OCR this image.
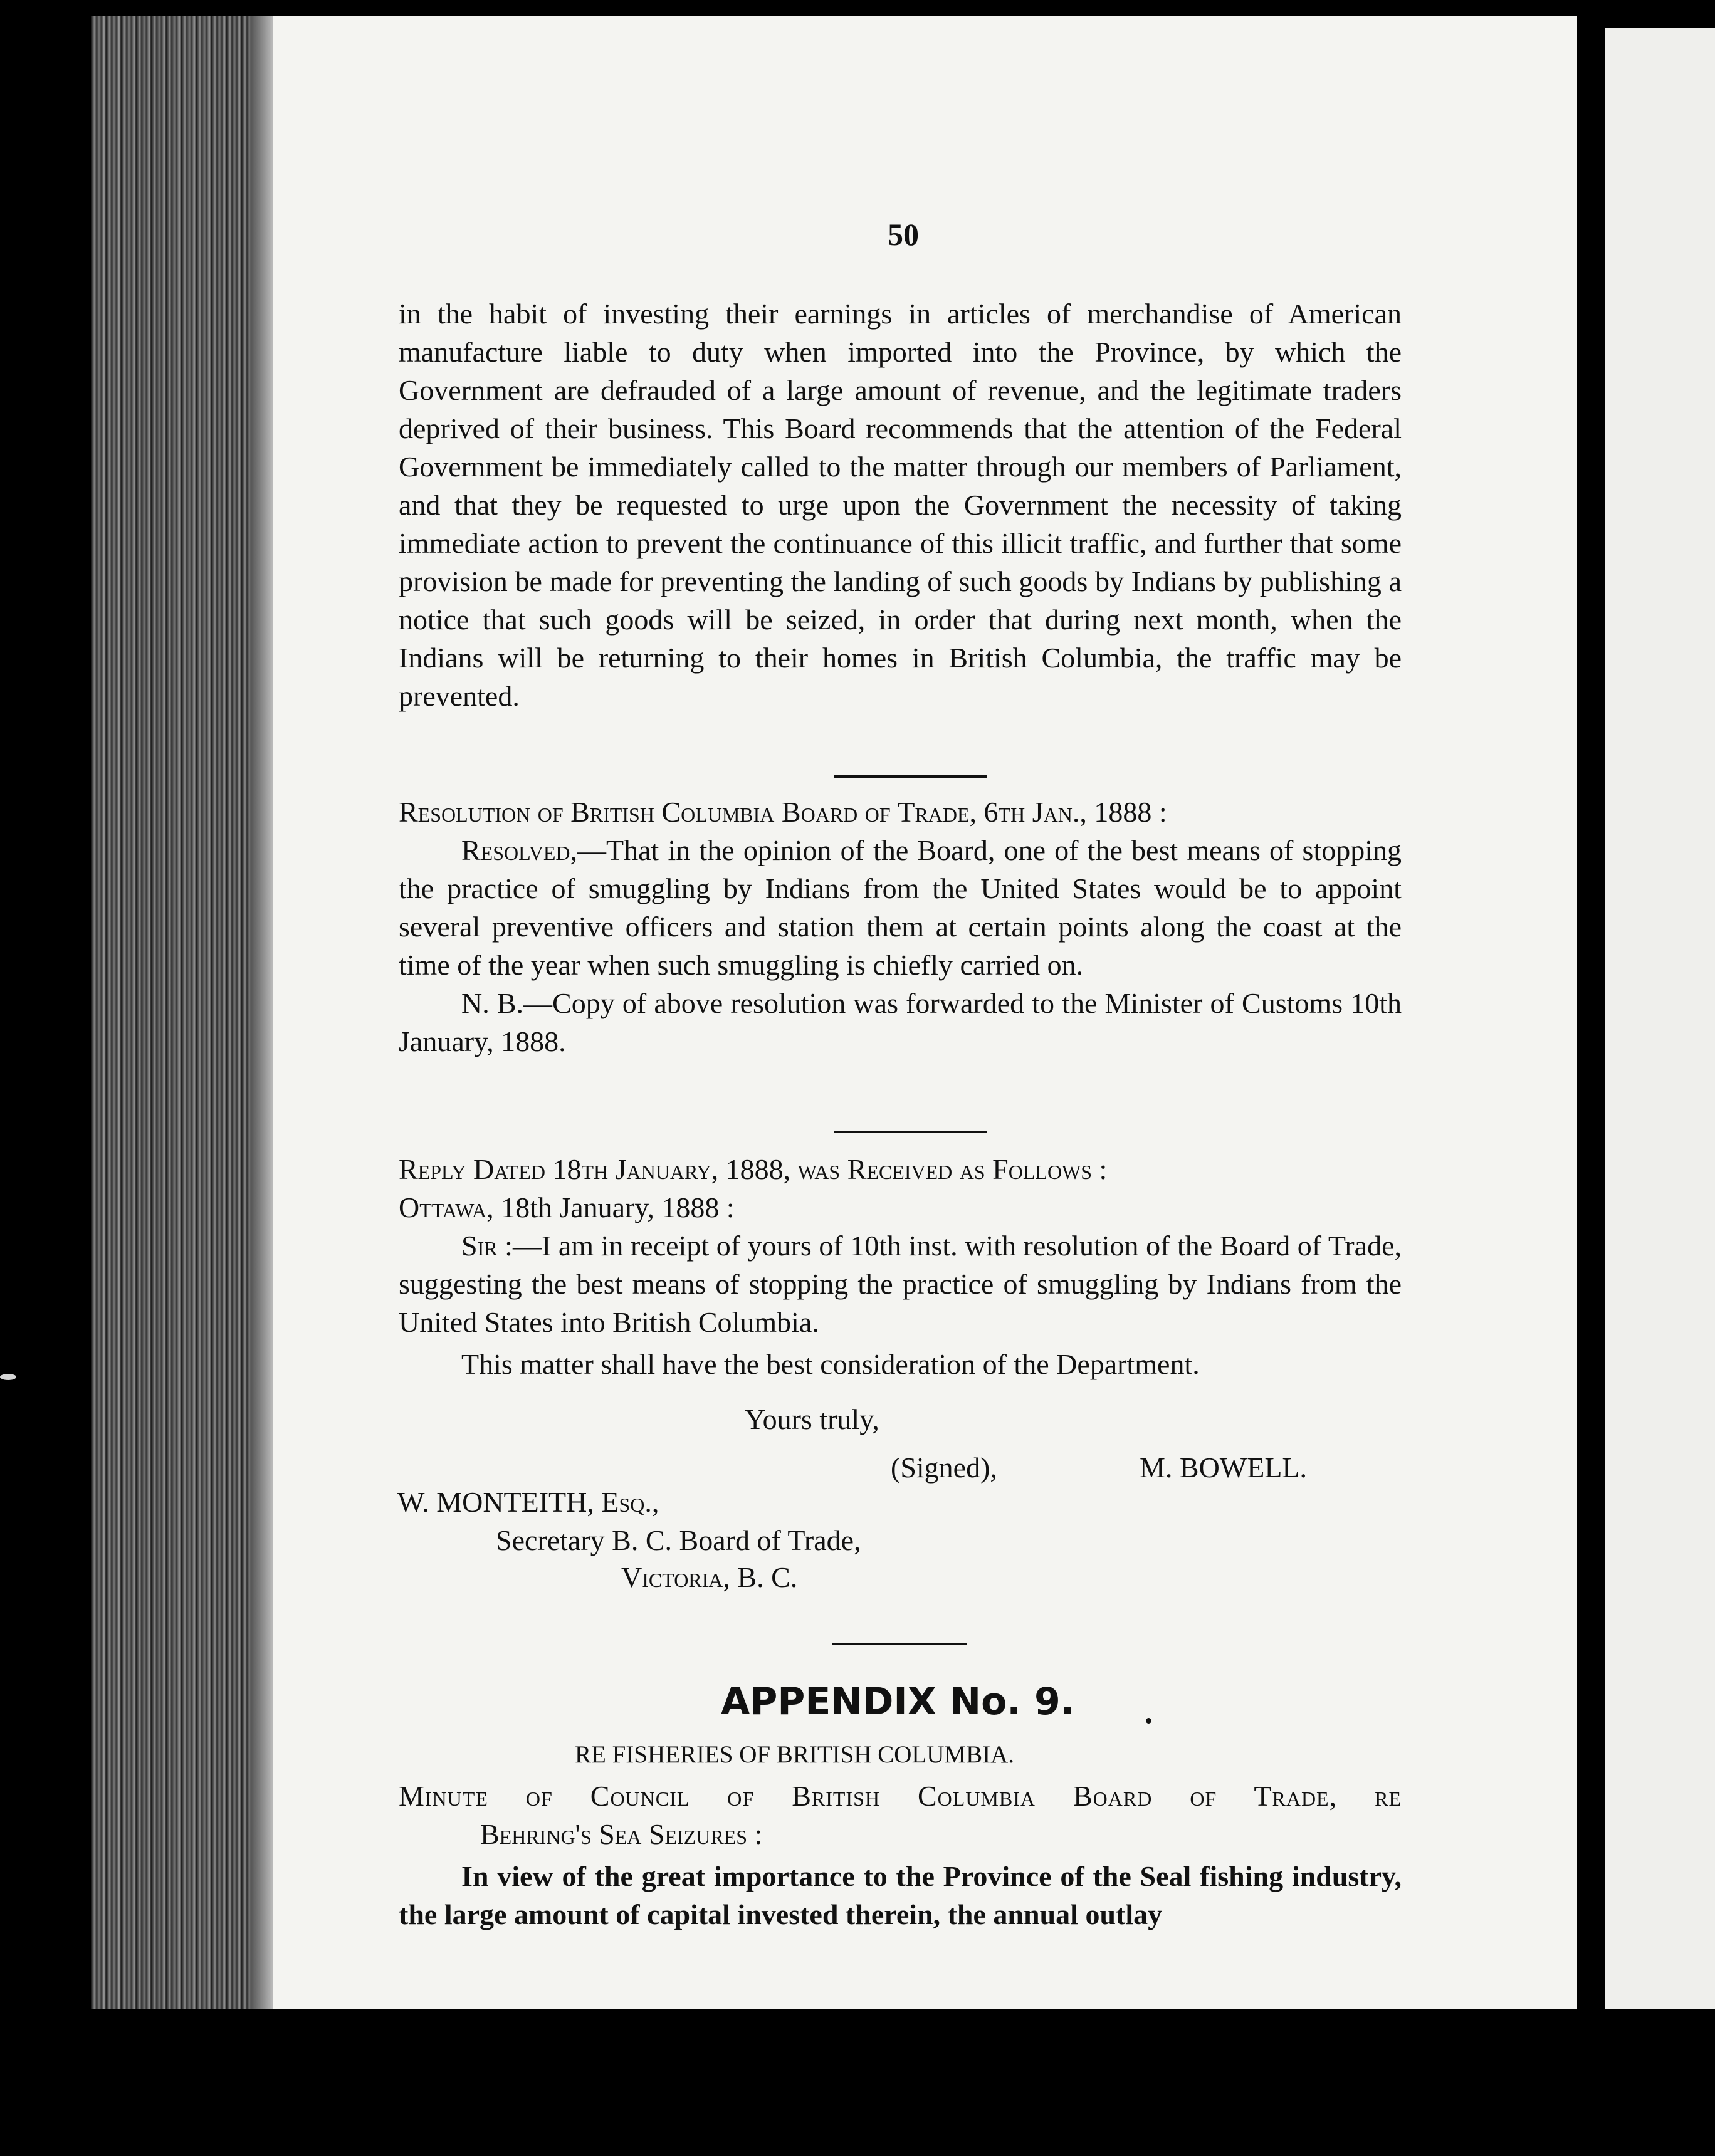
50

in the habit of investing their earnings in articles of merchandise of American manufacture liable to duty when imported into the Province, by which the Government are defrauded of a large amount of revenue, and the legitimate traders deprived of their business. This Board recommends that the attention of the Federal Government be immediately called to the matter through our members of Parliament, and that they be requested to urge upon the Government the necessity of taking immediate action to prevent the continuance of this illicit traffic, and further that some provision be made for preventing the landing of such goods by Indians by publishing a notice that such goods will be seized, in order that during next month, when the Indians will be returning to their homes in British Columbia, the traffic may be prevented.

Resolution of British Columbia Board of Trade, 6th Jan., 1888 :

Resolved,—That in the opinion of the Board, one of the best means of stopping the practice of smuggling by Indians from the United States would be to appoint several preventive officers and station them at certain points along the coast at the time of the year when such smuggling is chiefly carried on.

N. B.—Copy of above resolution was forwarded to the Minister of Customs 10th January, 1888.

Reply Dated 18th January, 1888, was Received as Follows :

Ottawa, 18th January, 1888 :

Sir :—I am in receipt of yours of 10th inst. with resolution of the Board of Trade, suggesting the best means of stopping the practice of smuggling by Indians from the United States into British Columbia.

This matter shall have the best consideration of the Department.

Yours truly,
(Signed),	M. BOWELL.
W. MONTEITH, Esq.,
Secretary B. C. Board of Trade,
Victoria, B. C.
APPENDIX No. 9.
RE FISHERIES OF BRITISH COLUMBIA.

Minute of Council of British Columbia Board of Trade, re

Behring's Sea Seizures :

In view of the great importance to the Province of the Seal fishing industry, the large amount of capital invested therein, the annual outlay
